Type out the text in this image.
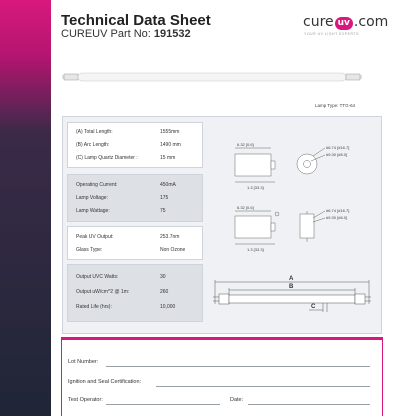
Technical Data Sheet
CUREUV Part No: 191532
cure uv .com
YOUR UV LIGHT EXPERTS
Lamp Type: TTG-64
(A) Total Length:	1555mm
(B) Arc Length:	1490 mm
(C) Lamp Quartz Diameter :	15 mm
Operating Current:	450mA
Lamp Voltage:	175
Lamp Wattage:	75
Peak UV Output:	253.7nm
Glass Type:	Non Ozone
Output UVC Watts:	30
Output uW/cm^2 @ 1m:	260
Rated Life (hrs):	10,000
6.32 [0.6]
1.3 [33.3]
#6.74 [#16.7]
#9.30 [#6.0]
6.32 [0.6]
1.3 [33.3]
#6.74 [#16.7]
#9.30 [#6.0]
A
B
C
Lot Number:
Ignition and Seal Certification:
Test Operator:	Date:
